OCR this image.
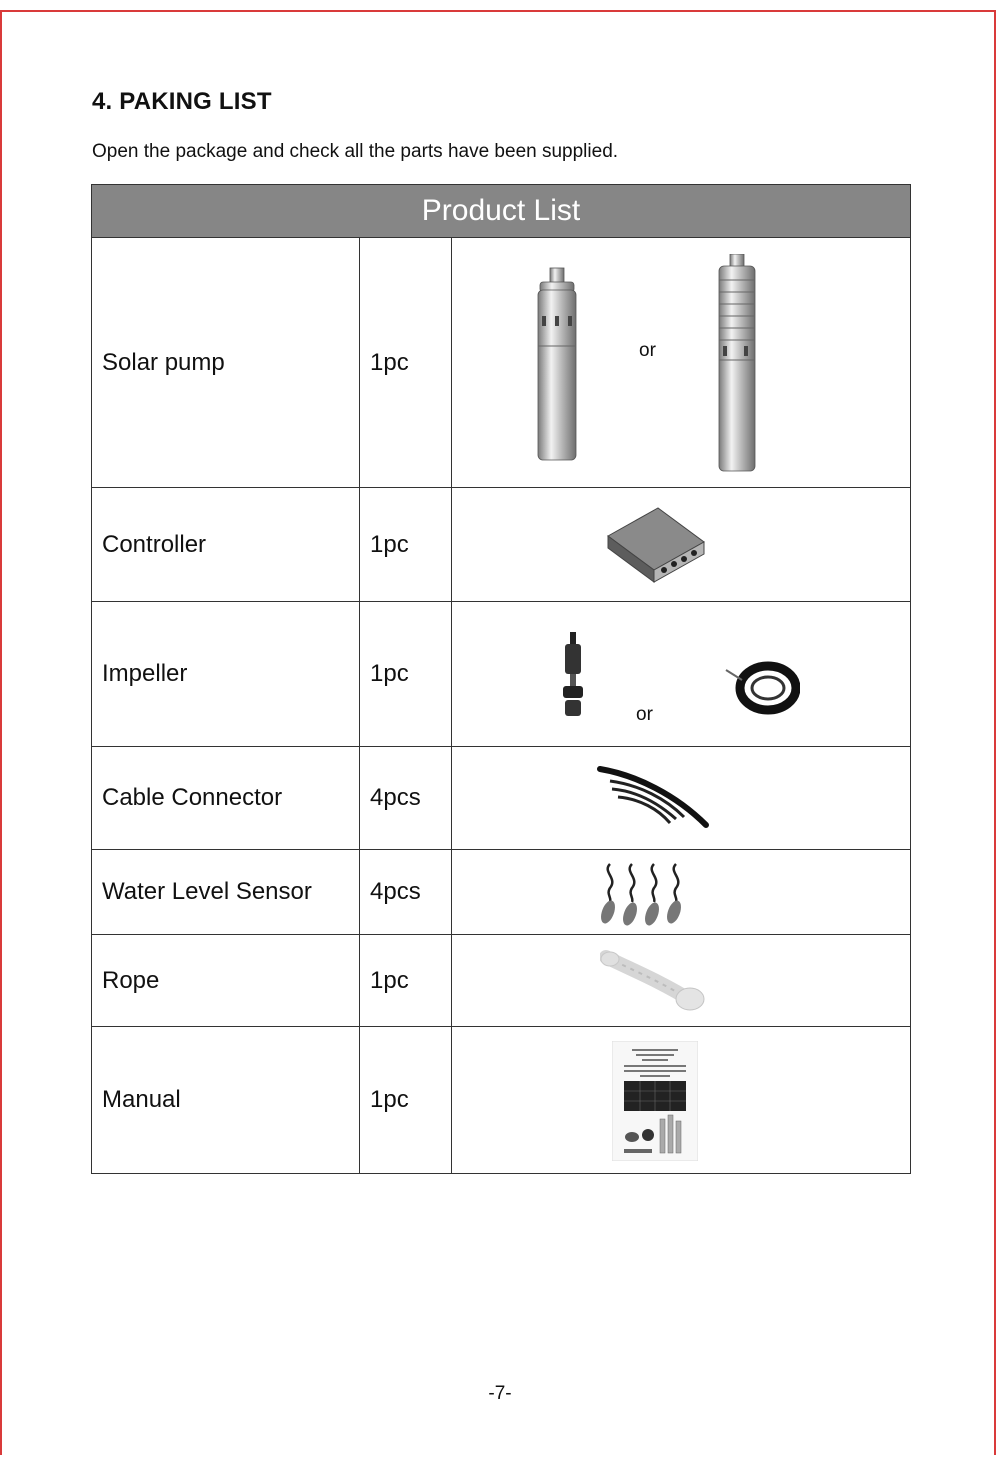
4. PAKING LIST

Open the package and check all the parts have been supplied.

Product List		
Solar pump	1pc	or

Controller	1pc	

Impeller	1pc	or

Cable Connector	4pcs	

Water Level Sensor	4pcs	

Rope	1pc	

Manual	1pc	
-7-
